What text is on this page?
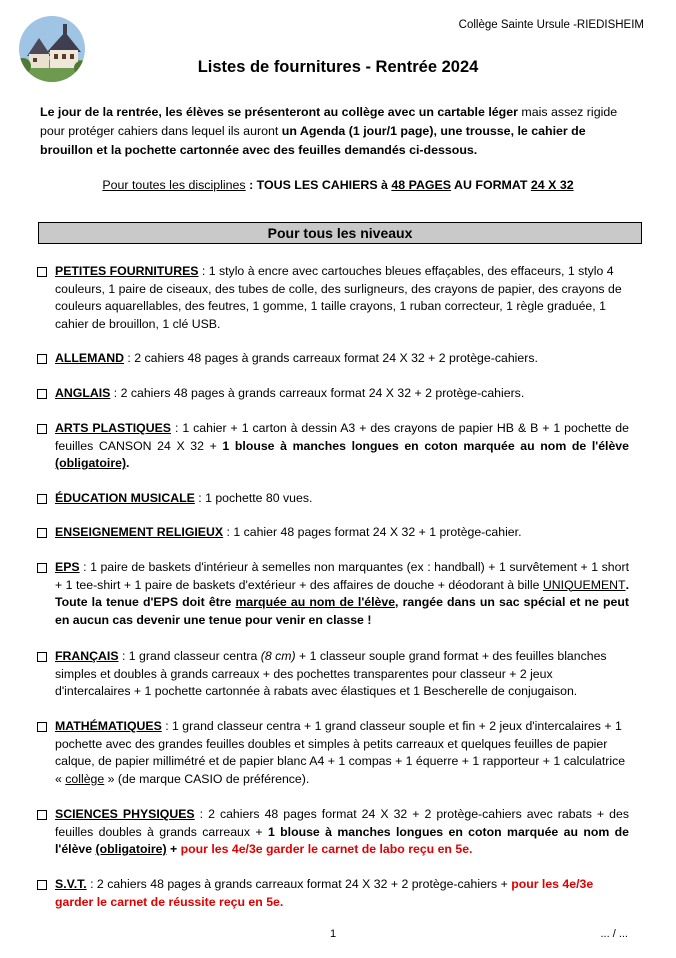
Collège Sainte Ursule -RIEDISHEIM
Listes de fournitures - Rentrée 2024
Le jour de la rentrée, les élèves se présenteront au collège avec un cartable léger mais assez rigide pour protéger cahiers dans lequel ils auront un Agenda (1 jour/1 page), une trousse, le cahier de brouillon et la pochette cartonnée avec des feuilles demandés ci-dessous.
Pour toutes les disciplines : TOUS LES CAHIERS à 48 PAGES AU FORMAT 24 X 32
Pour tous les niveaux
PETITES FOURNITURES : 1 stylo à encre avec cartouches bleues effaçables, des effaceurs, 1 stylo 4 couleurs, 1 paire de ciseaux, des tubes de colle, des surligneurs, des crayons de papier, des crayons de couleurs aquarellables, des feutres, 1 gomme, 1 taille crayons, 1 ruban correcteur, 1 règle graduée, 1 cahier de brouillon, 1 clé USB.
ALLEMAND : 2 cahiers 48 pages à grands carreaux format 24 X 32 + 2 protège-cahiers.
ANGLAIS : 2 cahiers 48 pages à grands carreaux format 24 X 32 + 2 protège-cahiers.
ARTS PLASTIQUES : 1 cahier + 1 carton à dessin A3 + des crayons de papier HB & B + 1 pochette de feuilles CANSON 24 X 32 + 1 blouse à manches longues en coton marquée au nom de l'élève (obligatoire).
ÉDUCATION MUSICALE : 1 pochette 80 vues.
ENSEIGNEMENT RELIGIEUX : 1 cahier 48 pages format 24 X 32 + 1 protège-cahier.
EPS : 1 paire de baskets d'intérieur à semelles non marquantes (ex : handball) + 1 survêtement + 1 short + 1 tee-shirt + 1 paire de baskets d'extérieur + des affaires de douche + déodorant à bille UNIQUEMENT. Toute la tenue d'EPS doit être marquée au nom de l'élève, rangée dans un sac spécial et ne peut en aucun cas devenir une tenue pour venir en classe !
FRANÇAIS : 1 grand classeur centra (8 cm) + 1 classeur souple grand format + des feuilles blanches simples et doubles à grands carreaux + des pochettes transparentes pour classeur + 2 jeux d'intercalaires + 1 pochette cartonnée à rabats avec élastiques et 1 Bescherelle de conjugaison.
MATHÉMATIQUES : 1 grand classeur centra + 1 grand classeur souple et fin + 2 jeux d'intercalaires + 1 pochette avec des grandes feuilles doubles et simples à petits carreaux et quelques feuilles de papier calque, de papier millimétré et de papier blanc A4 + 1 compas + 1 équerre + 1 rapporteur + 1 calculatrice « collège » (de marque CASIO de préférence).
SCIENCES PHYSIQUES : 2 cahiers 48 pages format 24 X 32 + 2 protège-cahiers avec rabats + des feuilles doubles à grands carreaux + 1 blouse à manches longues en coton marquée au nom de l'élève (obligatoire) + pour les 4e/3e garder le carnet de labo reçu en 5e.
S.V.T. : 2 cahiers 48 pages à grands carreaux format 24 X 32 + 2 protège-cahiers + pour les 4e/3e garder le carnet de réussite reçu en 5e.
1	... / ...
